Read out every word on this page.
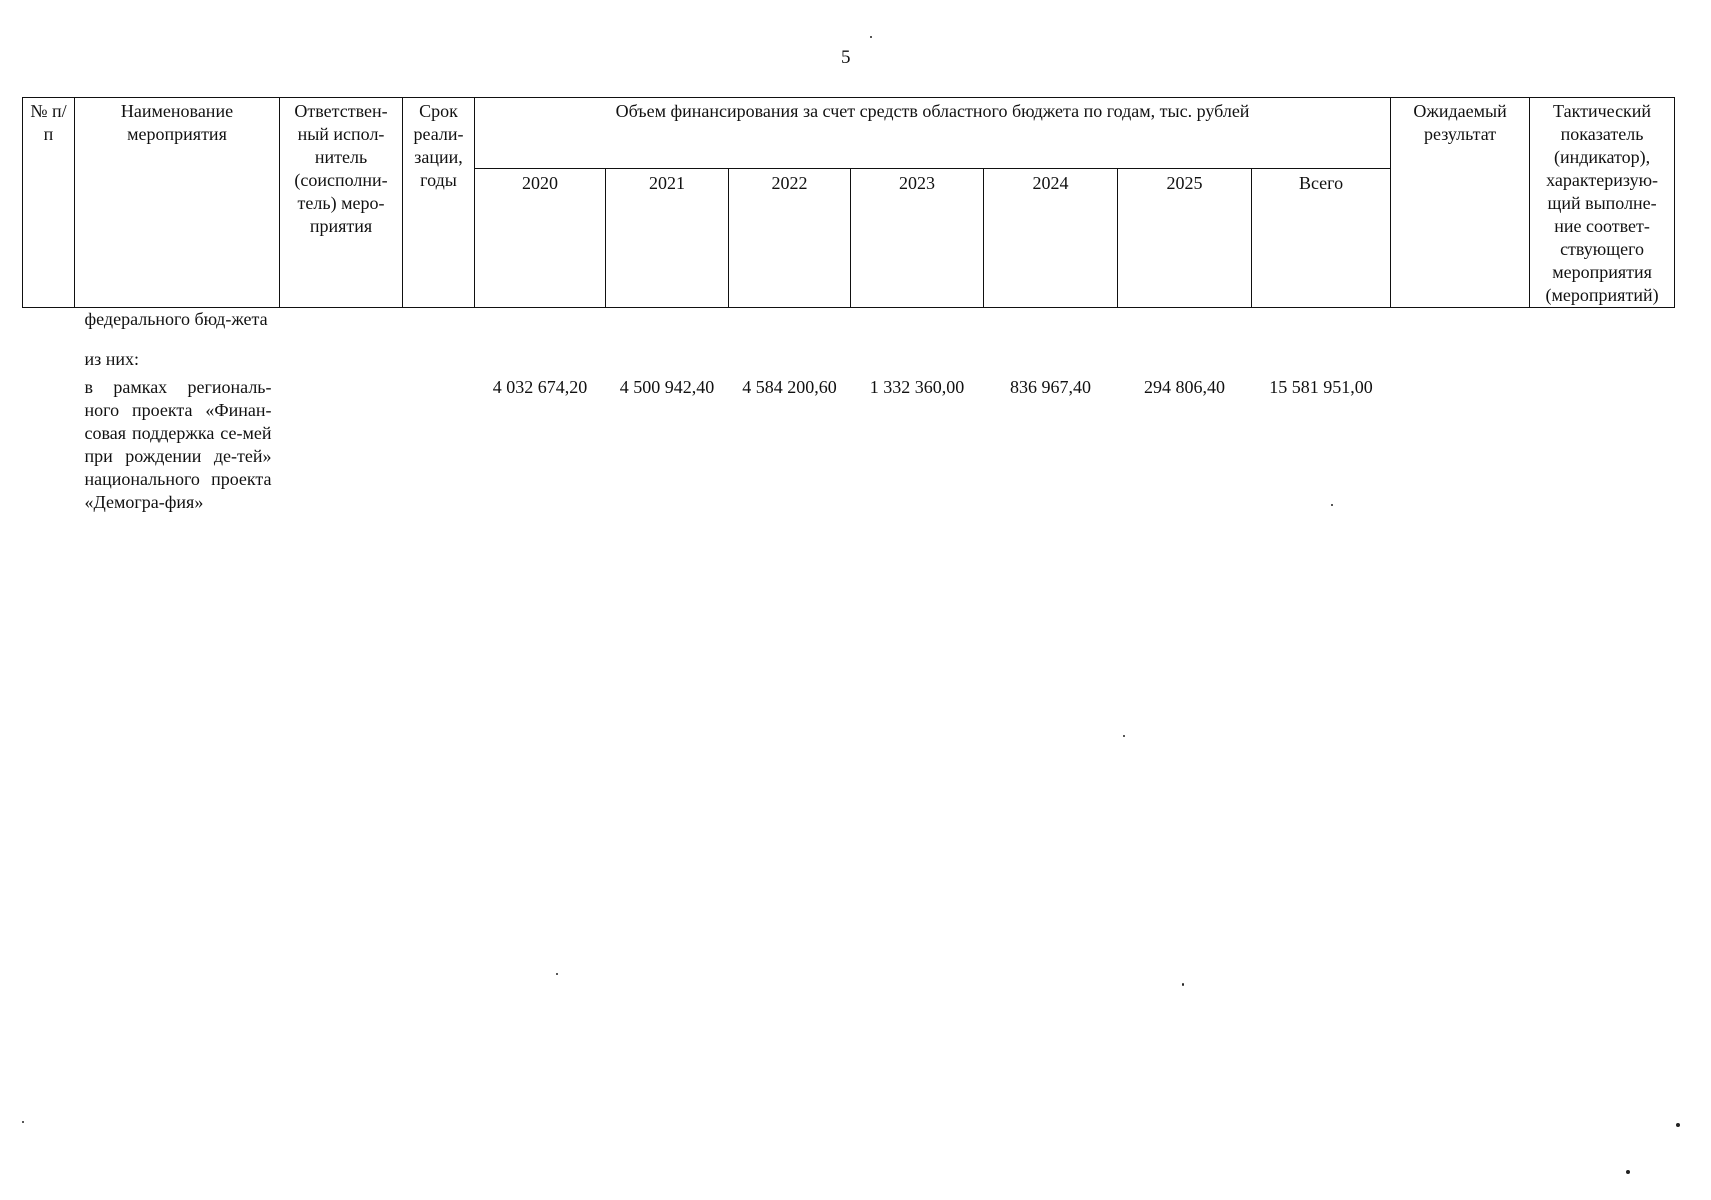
5
№ п/п	Наименование мероприятия	Ответствен-ный испол-нитель (соисполни-тель) меро-приятия	Срок реали-зации, годы	Объем финансирования за счет средств областного бюджета по годам, тыс. рублей							Ожидаемый результат	Тактический показатель (индикатор), характеризую-щий выполне-ние соответ-ствующего мероприятия (мероприятий)
				2020	2021	2022	2023	2024	2025	Всего		
	федерального бюд-жета											
	из них:											
	в рамках региональ-ного проекта «Финан-совая поддержка се-мей при рождении де-тей» национального проекта «Демогра-фия»			4 032 674,20	4 500 942,40	4 584 200,60	1 332 360,00	836 967,40	294 806,40	15 581 951,00		
